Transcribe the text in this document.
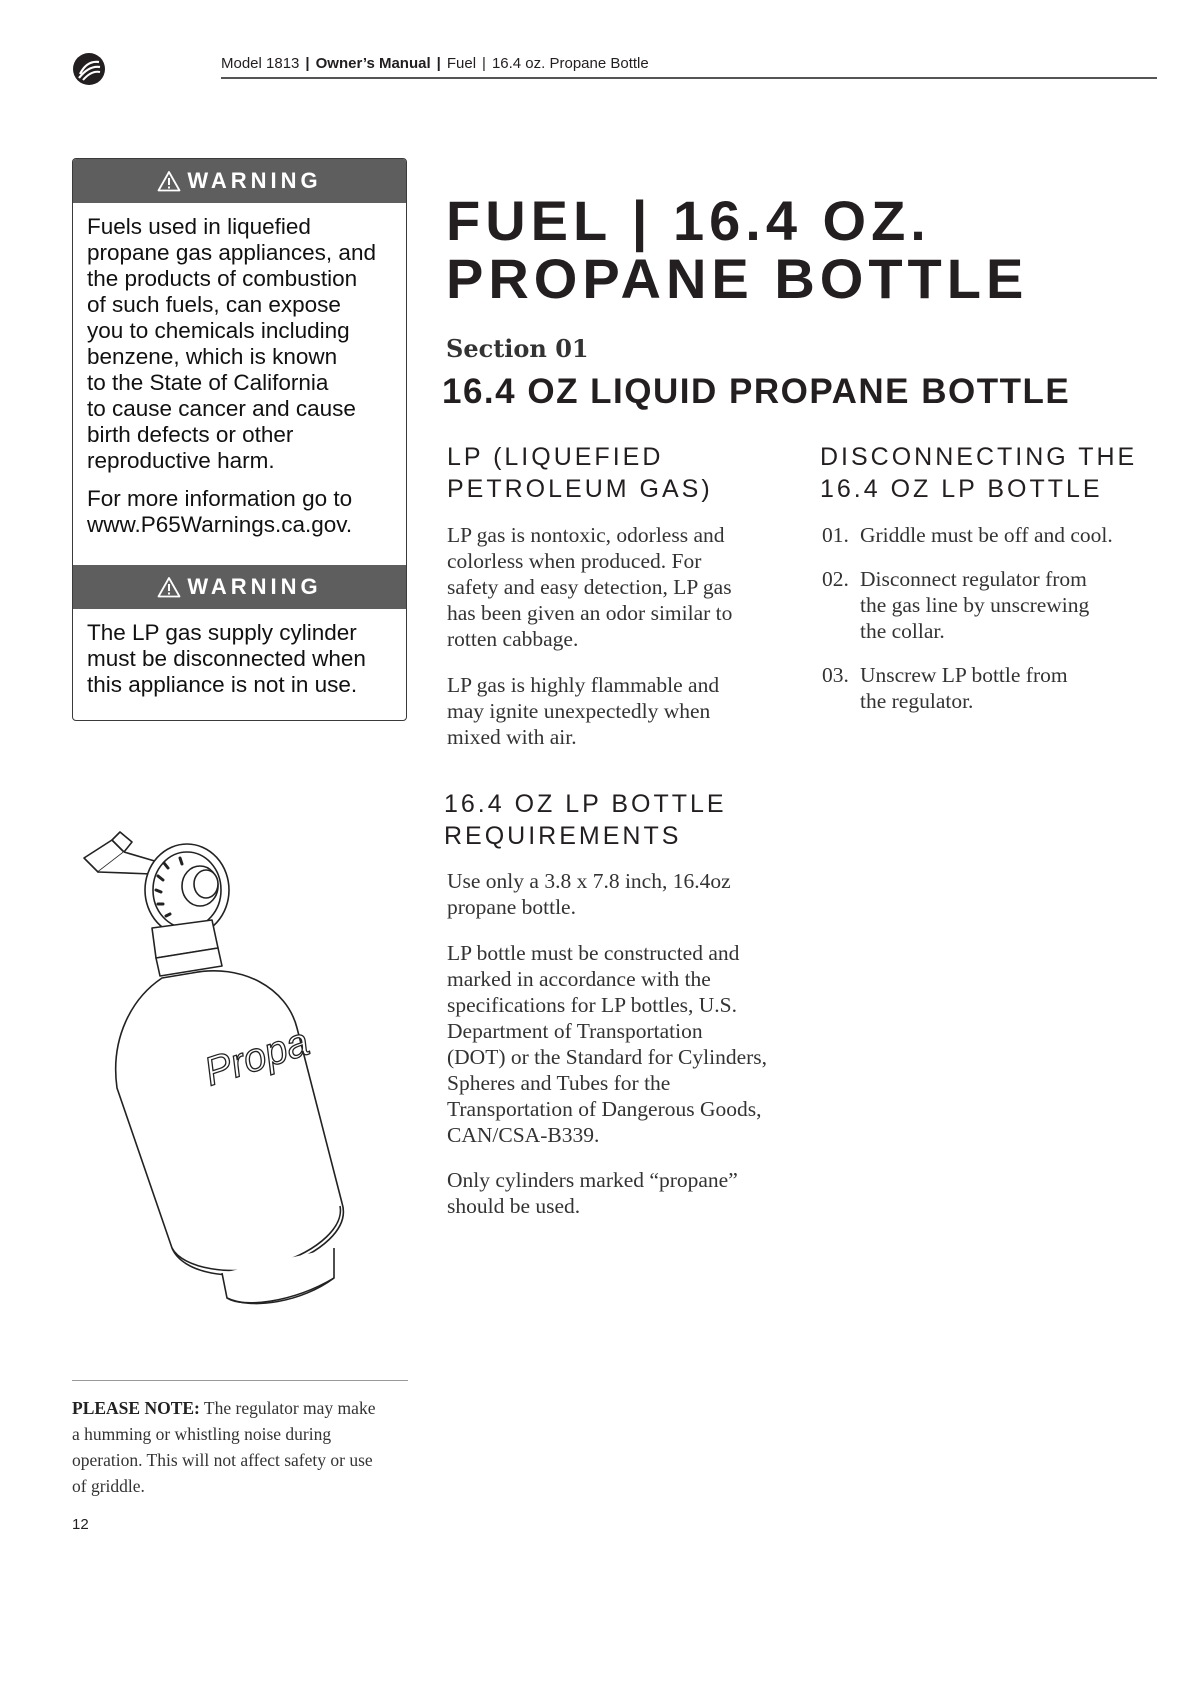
Model 1813 | Owner’s Manual | Fuel | 16.4 oz. Propane Bottle
WARNING
Fuels used in liquefied
propane gas appliances, and
the products of combustion
of such fuels, can expose
you to chemicals including
benzene, which is known
to the State of California
to cause cancer and cause
birth defects or other
reproductive harm.
For more information go to
www.P65Warnings.ca.gov.
WARNING
The LP gas supply cylinder
must be disconnected when
this appliance is not in use.
FUEL | 16.4 OZ.
PROPANE BOTTLE
Section 01
16.4 OZ LIQUID PROPANE BOTTLE
LP (LIQUEFIED
PETROLEUM GAS)
LP gas is nontoxic, odorless and
colorless when produced. For
safety and easy detection, LP gas
has been given an odor similar to
rotten cabbage.
LP gas is highly flammable and
may ignite unexpectedly when
mixed with air.
16.4 OZ LP BOTTLE
REQUIREMENTS
Use only a 3.8 x 7.8 inch, 16.4oz
propane bottle.
LP bottle must be constructed and
marked in accordance with the
specifications for LP bottles, U.S.
Department of Transportation
(DOT) or the Standard for Cylinders,
Spheres and Tubes for the
Transportation of Dangerous Goods,
CAN/CSA-B339.
Only cylinders marked “propane”
should be used.
DISCONNECTING THE
16.4 OZ LP BOTTLE
01. Griddle must be off and cool.
02. Disconnect regulator from
the gas line by unscrewing
the collar.
03. Unscrew LP bottle from
the regulator.
Propa
PLEASE NOTE: The regulator may make
a humming or whistling noise during
operation. This will not affect safety or use
of griddle.
12
